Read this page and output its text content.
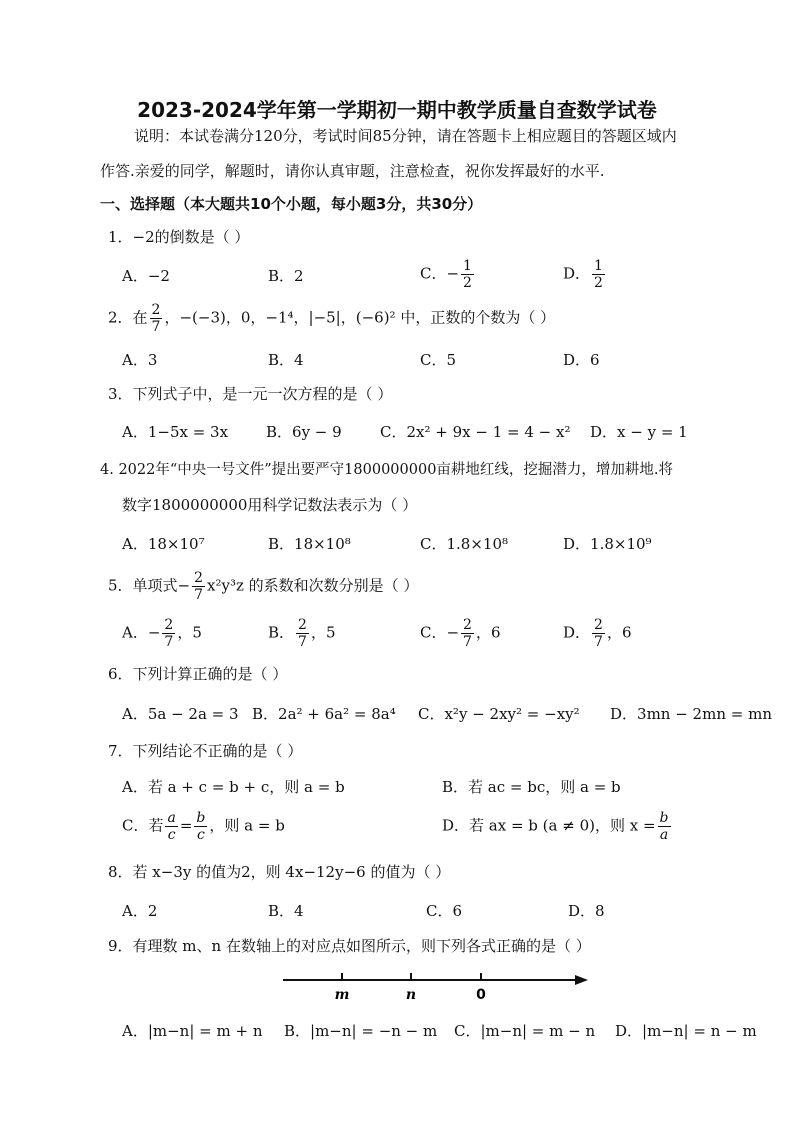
2023-2024学年第一学期初一期中教学质量自查数学试卷
说明：本试卷满分120分，考试时间85分钟，请在答题卡上相应题目的答题区域内
作答.亲爱的同学，解题时，请你认真审题，注意检查，祝你发挥最好的水平.
一、选择题（本大题共10个小题，每小题3分，共30分）
1．−2的倒数是（ ）
A．−2	B．2	C．− $\frac{1}{2}$	D． $\frac{1}{2}$
2．在 $\frac{2}{7}$ ，−(−3)，0，−1⁴，|−5|，(−6)² 中，正数的个数为（ ）
A．3	B．4	C．5	D．6
3．下列式子中，是一元一次方程的是（ ）
A．1−5x = 3x	B．6y − 9	C．2x² + 9x − 1 = 4 − x² D．x − y = 1
4. 2022年“中央一号文件”提出要严守1800000000亩耕地红线，挖掘潜力，增加耕地.将
数字1800000000用科学记数法表示为（ ）
A．18×10⁷	B．18×10⁸	C．1.8×10⁸	D．1.8×10⁹
5．单项式− $\frac{2}{7} x^2y^3z$ 的系数和次数分别是（ ）
A．− $\frac{2}{7}$ ，5	B． $\frac{2}{7}$ ，5	C．− $\frac{2}{7}$ ，6	D． $\frac{2}{7}$ ，6
6．下列计算正确的是（ ）
A．5a − 2a = 3 B．2a² + 6a² = 8a⁴ C．x²y − 2xy² = −xy² D．3mn − 2mn = mn
7．下列结论不正确的是（ ）
A．若 a + c = b + c，则 a = b	B．若 ac = bc，则 a = b
C．若 $\frac{a}{c} = \frac{b}{c}$ ，则 a = b	D．若 ax = b (a ≠ 0)，则 $x = \frac{b}{a}$
8．若 x−3y 的值为2，则 4x−12y−6 的值为（ ）
A．2	B．4	C．6	D．8
9．有理数 m、n 在数轴上的对应点如图所示，则下列各式正确的是（ ）
m	n	0
A．|m−n| = m + n B．|m−n| = −n − m C．|m−n| = m − n D．|m−n| = n − m
